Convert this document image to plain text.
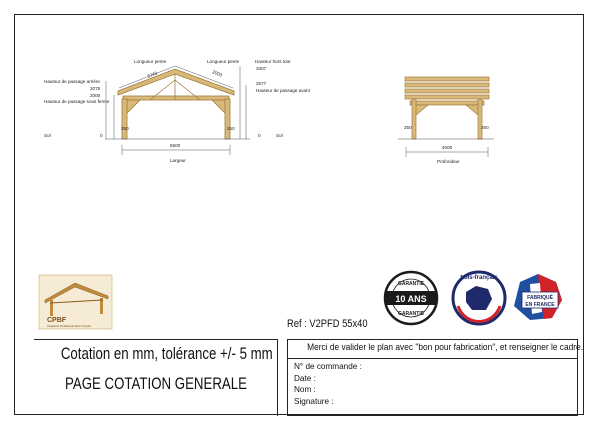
Longueur pente	Longueur pente	Hauteur hors tout
Hauteur de passage arrière
Hauteur de passage avant
Hauteur de passage sous ferme
3743	2003
3307
2075
2000
2577
250	250
Sol	0	0	Sol
5500
Largeur
250	250
4000
Profondeur
CPBF
Charpente Préfabriquée Bois Français
GARANTIE
10 ANS
GARANTIE
bois-français
FABRIQUÉ
EN FRANCE
Ref : V2PFD 55x40
Cotation en mm, tolérance +/- 5 mm
PAGE COTATION GENERALE
Merci de valider le plan avec "bon pour fabrication", et renseigner le cadre.
N° de commande :
Date :
Nom :
Signature :
